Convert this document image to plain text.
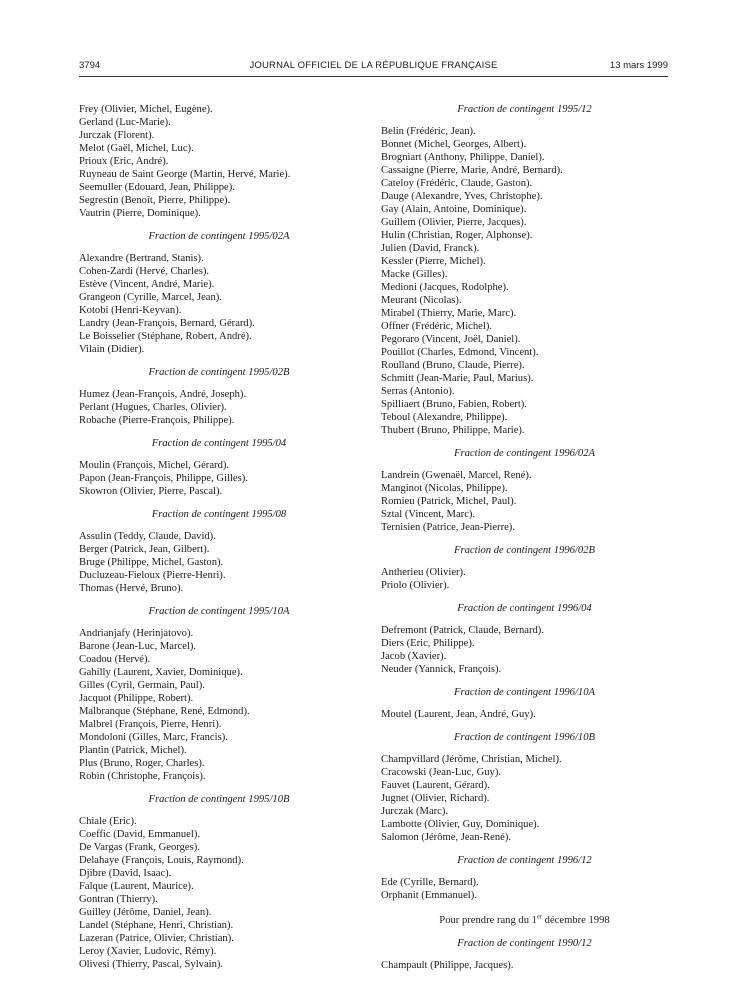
3794	JOURNAL OFFICIEL DE LA RÉPUBLIQUE FRANÇAISE	13 mars 1999
Frey (Olivier, Michel, Eugène).
Gerland (Luc-Marie).
Jurczak (Florent).
Melot (Gaël, Michel, Luc).
Prioux (Eric, André).
Ruyneau de Saint George (Martin, Hervé, Marie).
Seemuller (Edouard, Jean, Philippe).
Segrestin (Benoît, Pierre, Philippe).
Vautrin (Pierre, Dominique).
Fraction de contingent 1995/02A
Alexandre (Bertrand, Stanis).
Cohen-Zardi (Hervé, Charles).
Estève (Vincent, André, Marie).
Grangeon (Cyrille, Marcel, Jean).
Kotobi (Henri-Keyvan).
Landry (Jean-François, Bernard, Gérard).
Le Boisselier (Stéphane, Robert, André).
Vilain (Didier).
Fraction de contingent 1995/02B
Humez (Jean-François, André, Joseph).
Perlant (Hugues, Charles, Olivier).
Robache (Pierre-François, Philippe).
Fraction de contingent 1995/04
Moulin (François, Michel, Gérard).
Papon (Jean-François, Philippe, Gilles).
Skowron (Olivier, Pierre, Pascal).
Fraction de contingent 1995/08
Assulin (Teddy, Claude, David).
Berger (Patrick, Jean, Gilbert).
Bruge (Philippe, Michel, Gaston).
Ducluzeau-Fieloux (Pierre-Henri).
Thomas (Hervé, Bruno).
Fraction de contingent 1995/10A
Andrianjafy (Herinjatovo).
Barone (Jean-Luc, Marcel).
Coadou (Hervé).
Gahilly (Laurent, Xavier, Dominique).
Gilles (Cyril, Germain, Paul).
Jacquot (Philippe, Robert).
Malbranque (Stéphane, René, Edmond).
Malbrel (François, Pierre, Henri).
Mondoloni (Gilles, Marc, Francis).
Plantin (Patrick, Michel).
Plus (Bruno, Roger, Charles).
Robin (Christophe, François).
Fraction de contingent 1995/10B
Chiale (Eric).
Coeffic (David, Emmanuel).
De Vargas (Frank, Georges).
Delahaye (François, Louis, Raymond).
Djibre (David, Isaac).
Falque (Laurent, Maurice).
Gontran (Thierry).
Guilley (Jérôme, Daniel, Jean).
Landel (Stéphane, Henri, Christian).
Lazeran (Patrice, Olivier, Christian).
Leroy (Xavier, Ludovic, Rémy).
Olivesi (Thierry, Pascal, Sylvain).
Fraction de contingent 1995/12
Belin (Frédéric, Jean).
Bonnet (Michel, Georges, Albert).
Brogniart (Anthony, Philippe, Daniel).
Cassaigne (Pierre, Marie, André, Bernard).
Cateloy (Frédéric, Claude, Gaston).
Dauge (Alexandre, Yves, Christophe).
Gay (Alain, Antoine, Dominique).
Guillem (Olivier, Pierre, Jacques).
Hulin (Christian, Roger, Alphonse).
Julien (David, Franck).
Kessler (Pierre, Michel).
Macke (Gilles).
Medioni (Jacques, Rodolphe).
Meurant (Nicolas).
Mirabel (Thierry, Marie, Marc).
Offner (Frédéric, Michel).
Pegoraro (Vincent, Joël, Daniel).
Pouillot (Charles, Edmond, Vincent).
Roulland (Bruno, Claude, Pierre).
Schmitt (Jean-Marie, Paul, Marius).
Serras (Antonio).
Spilliaert (Bruno, Fabien, Robert).
Teboul (Alexandre, Philippe).
Thubert (Bruno, Philippe, Marie).
Fraction de contingent 1996/02A
Landrein (Gwenaël, Marcel, René).
Manginot (Nicolas, Philippe).
Romieu (Patrick, Michel, Paul).
Sztal (Vincent, Marc).
Ternisien (Patrice, Jean-Pierre).
Fraction de contingent 1996/02B
Antherieu (Olivier).
Priolo (Olivier).
Fraction de contingent 1996/04
Defremont (Patrick, Claude, Bernard).
Diers (Eric, Philippe).
Jacob (Xavier).
Neuder (Yannick, François).
Fraction de contingent 1996/10A
Moutel (Laurent, Jean, André, Guy).
Fraction de contingent 1996/10B
Champvillard (Jérôme, Christian, Michel).
Cracowski (Jean-Luc, Guy).
Fauvet (Laurent, Gérard).
Jugnet (Olivier, Richard).
Jurczak (Marc).
Lambotte (Olivier, Guy, Dominique).
Salomon (Jérôme, Jean-René).
Fraction de contingent 1996/12
Ede (Cyrille, Bernard).
Orphanit (Emmanuel).
Pour prendre rang du 1er décembre 1998
Fraction de contingent 1990/12
Champault (Philippe, Jacques).
